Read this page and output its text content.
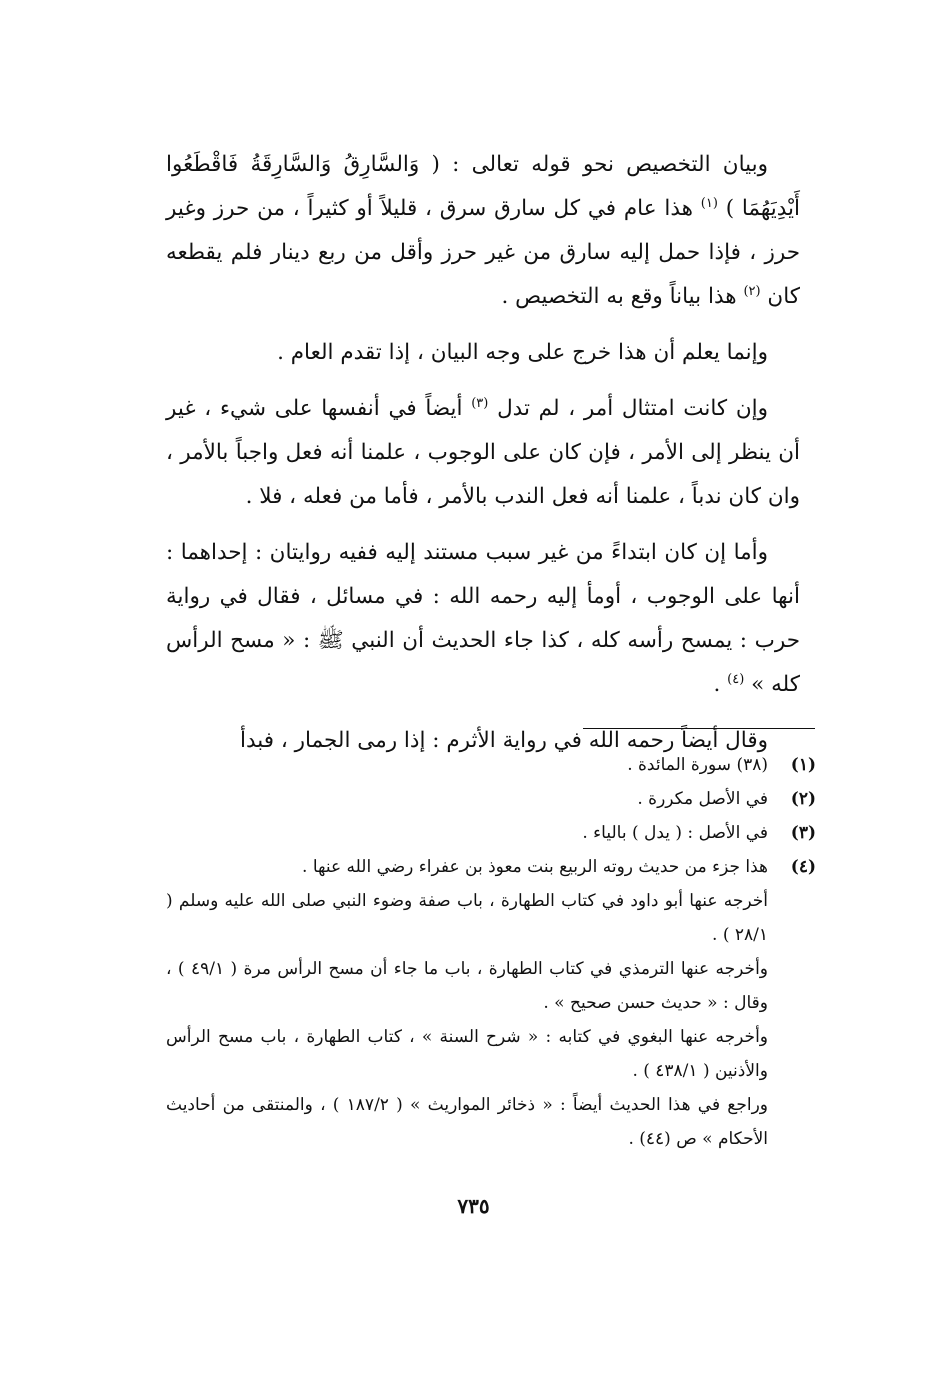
وبيان التخصيص نحو قوله تعالى : ( وَالسَّارِقُ وَالسَّارِقَةُ فَاقْطَعُوا أَيْدِيَهُمَا ) $^{(١)}$ هذا عام في كل سارق سرق ، قليلاً أو كثيراً ، من حرز وغير حرز ، فإذا حمل إليه سارق من غير حرز وأقل من ربع دينار فلم يقطعه كان $^{(٢)}$ هذا بياناً وقع به التخصيص .

وإنما يعلم أن هذا خرج على وجه البيان ، إذا تقدم العام .

وإن كانت امتثال أمر ، لم تدل $^{(٣)}$ أيضاً في أنفسها على شيء ، غير أن ينظر إلى الأمر ، فإن كان على الوجوب ، علمنا أنه فعل واجباً بالأمر ، وان كان ندباً ، علمنا أنه فعل الندب بالأمر ، فأما من فعله ، فلا .

وأما إن كان ابتداءً من غير سبب مستند إليه ففيه روايتان : إحداهما : أنها على الوجوب ، أومأ إليه رحمه الله : في مسائل ، فقال في رواية حرب : يمسح رأسه كله ، كذا جاء الحديث أن النبي ﷺ : « مسح الرأس كله » $^{(٤)}$ .

وقال أيضاً رحمه الله في رواية الأثرم : إذا رمى الجمار ، فبدأ

(١)
(٣٨) سورة المائدة .
(٢)
في الأصل مكررة .
(٣)
في الأصل : ( يدل ) بالياء .
(٤)
هذا جزء من حديث روته الربيع بنت معوذ بن عفراء رضي الله عنها .
أخرجه عنها أبو داود في كتاب الطهارة ، باب صفة وضوء النبي صلى الله عليه وسلم ( ٢٨/١ ) .
وأخرجه عنها الترمذي في كتاب الطهارة ، باب ما جاء أن مسح الرأس مرة ( ٤٩/١ ) ، وقال : « حديث حسن صحيح » .
وأخرجه عنها البغوي في كتابه : « شرح السنة » ، كتاب الطهارة ، باب مسح الرأس والأذنين ( ٤٣٨/١ ) .
وراجع في هذا الحديث أيضاً : « ذخائر المواريث » ( ١٨٧/٢ ) ، والمنتقى من أحاديث الأحكام » ص (٤٤) .
٧٣٥
